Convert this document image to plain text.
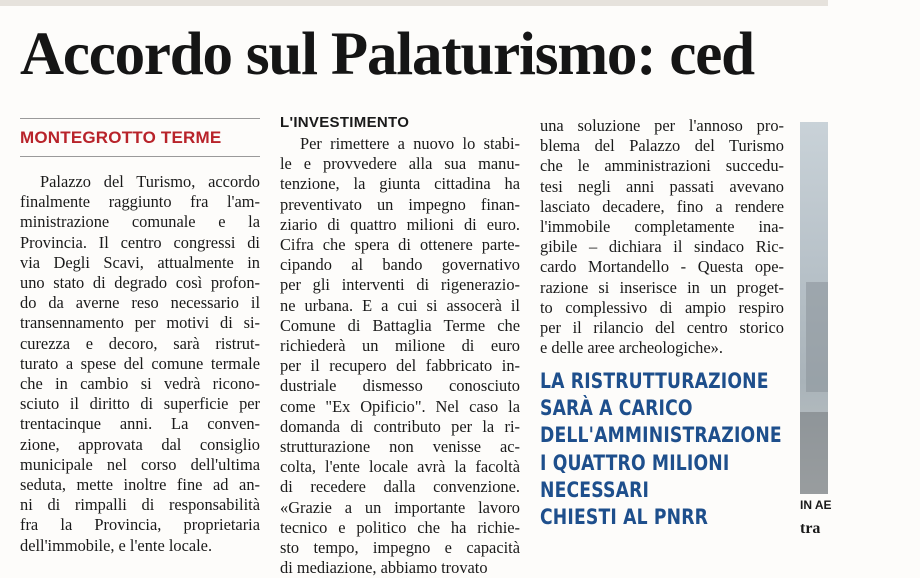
Accordo sul Palaturismo: ced
MONTEGROTTO TERME
Palazzo del Turismo, accordo
finalmente raggiunto fra l'am-
ministrazione comunale e la
Provincia. Il centro congressi di
via Degli Scavi, attualmente in
uno stato di degrado così profon-
do da averne reso necessario il
transennamento per motivi di si-
curezza e decoro, sarà ristrut-
turato a spese del comune termale
che in cambio si vedrà ricono-
sciuto il diritto di superficie per
trentacinque anni. La conven-
zione, approvata dal consiglio
municipale nel corso dell'ultima
seduta, mette inoltre fine ad an-
ni di rimpalli di responsabilità
fra la Provincia, proprietaria
dell'immobile, e l'ente locale.
L'INVESTIMENTO
Per rimettere a nuovo lo stabi-
le e provvedere alla sua manu-
tenzione, la giunta cittadina ha
preventivato un impegno finan-
ziario di quattro milioni di euro.
Cifra che spera di ottenere parte-
cipando al bando governativo
per gli interventi di rigenerazio-
ne urbana. E a cui si assocerà il
Comune di Battaglia Terme che
richiederà un milione di euro
per il recupero del fabbricato in-
dustriale dismesso conosciuto
come "Ex Opificio". Nel caso la
domanda di contributo per la ri-
strutturazione non venisse ac-
colta, l'ente locale avrà la facoltà
di recedere dalla convenzione.
«Grazie a un importante lavoro
tecnico e politico che ha richie-
sto tempo, impegno e capacità
di mediazione, abbiamo trovato
una soluzione per l'annoso pro-
blema del Palazzo del Turismo
che le amministrazioni succedu-
tesi negli anni passati avevano
lasciato decadere, fino a rendere
l'immobile completamente ina-
gibile – dichiara il sindaco Ric-
cardo Mortandello - Questa ope-
razione si inserisce in un proget-
to complessivo di ampio respiro
per il rilancio del centro storico
e delle aree archeologiche».
LA RISTRUTTURAZIONE
SARÀ A CARICO
DELL'AMMINISTRAZIONE
I QUATTRO MILIONI
NECESSARI
CHIESTI AL PNRR
IN AE
tra
